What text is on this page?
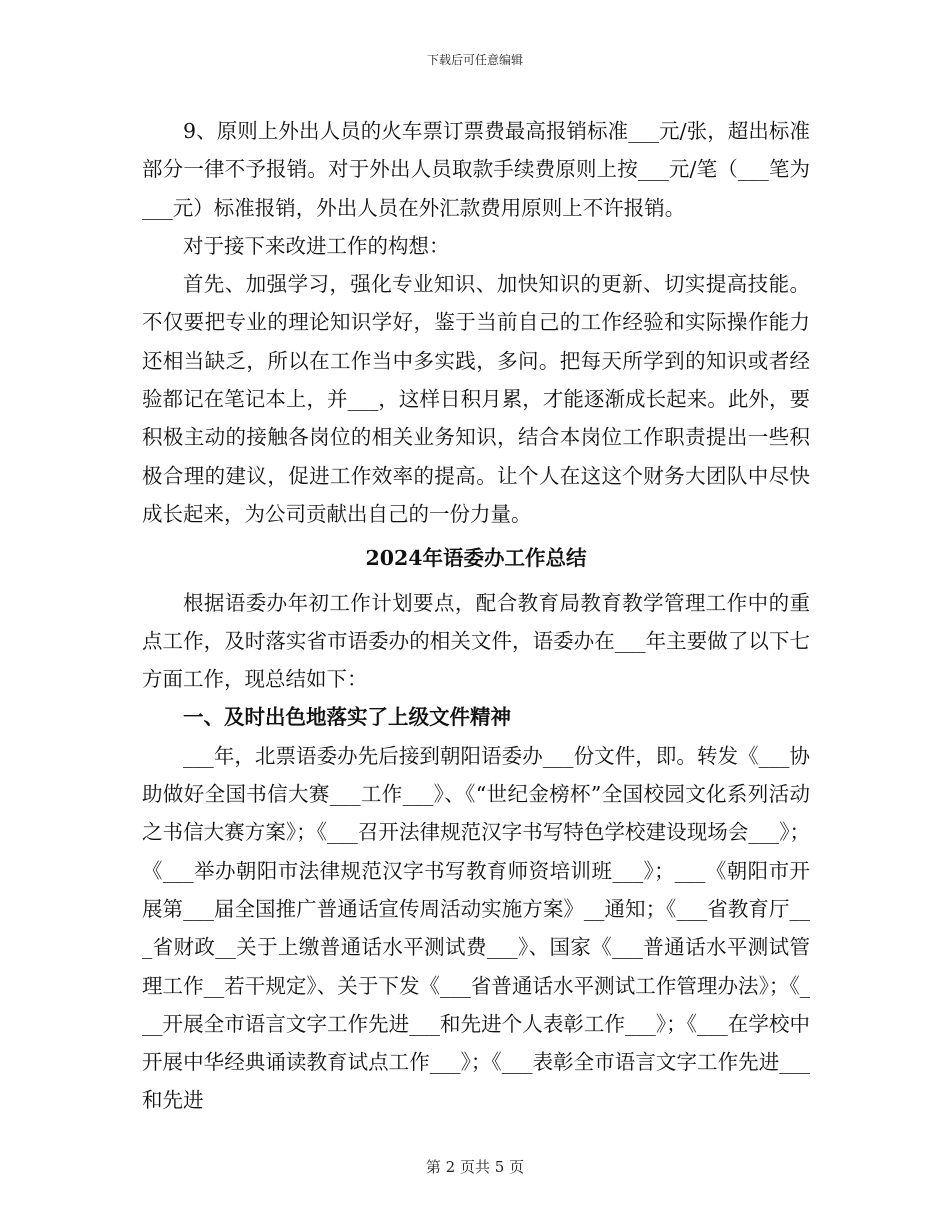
下载后可任意编辑

9、原则上外出人员的火车票订票费最高报销标准___元/张，超出标准部分一律不予报销。对于外出人员取款手续费原则上按___元/笔（___笔为___元）标准报销，外出人员在外汇款费用原则上不许报销。

对于接下来改进工作的构想：

首先、加强学习，强化专业知识、加快知识的更新、切实提高技能。不仅要把专业的理论知识学好，鉴于当前自己的工作经验和实际操作能力还相当缺乏，所以在工作当中多实践，多问。把每天所学到的知识或者经验都记在笔记本上，并___，这样日积月累，才能逐渐成长起来。此外，要积极主动的接触各岗位的相关业务知识，结合本岗位工作职责提出一些积极合理的建议，促进工作效率的提高。让个人在这这个财务大团队中尽快成长起来，为公司贡献出自己的一份力量。

2024年语委办工作总结

根据语委办年初工作计划要点，配合教育局教育教学管理工作中的重点工作，及时落实省市语委办的相关文件，语委办在___年主要做了以下七方面工作，现总结如下：

一、及时出色地落实了上级文件精神

___年，北票语委办先后接到朝阳语委办___份文件，即。转发《___协助做好全国书信大赛___工作___》、《“世纪金榜杯”全国校园文化系列活动之书信大赛方案》；《___召开法律规范汉字书写特色学校建设现场会___》；《___举办朝阳市法律规范汉字书写教育师资培训班___》；___《朝阳市开展第___届全国推广普通话宣传周活动实施方案》__通知；《___省教育厅___省财政__关于上缴普通话水平测试费___》、国家《___普通话水平测试管理工作__若干规定》、关于下发《___省普通话水平测试工作管理办法》；《___开展全市语言文字工作先进___和先进个人表彰工作___》；《___在学校中开展中华经典诵读教育试点工作___》；《___表彰全市语言文字工作先进___和先进

第 2 页共 5 页
